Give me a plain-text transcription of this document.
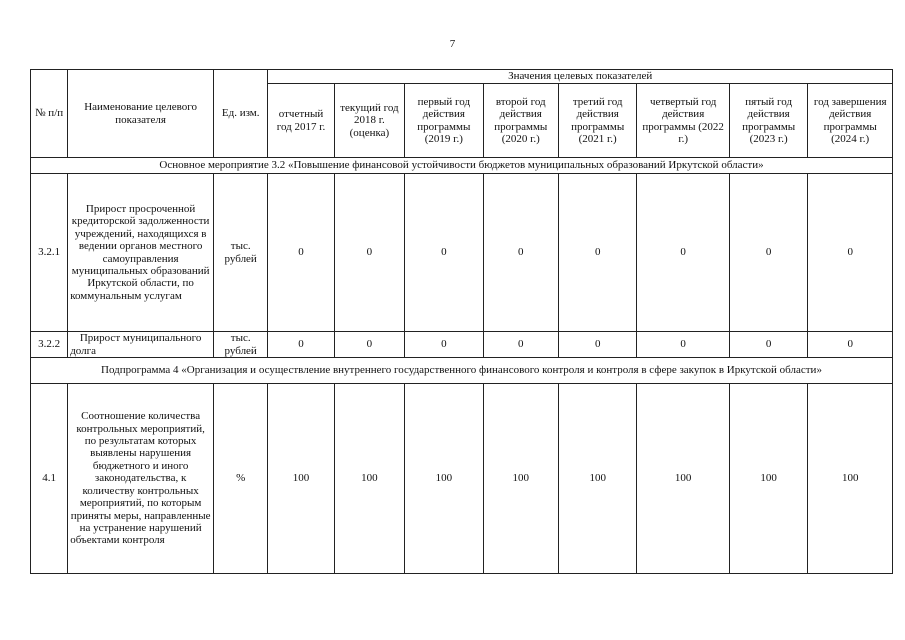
7
№ п/п	Наименование целевого показателя	Ед. изм.	Значения целевых показателей							
			отчетный год 2017 г.	текущий год 2018 г. (оценка)	первый год действия программы (2019 г.)	второй год действия программы (2020 г.)	третий год действия программы (2021 г.)	четвертый год действия программы (2022 г.)	пятый год действия программы (2023 г.)	год завершения действия программы (2024 г.)
Основное мероприятие 3.2 «Повышение финансовой устойчивости бюджетов муниципальных образований Иркутской области»										
3.2.1	Прирост просроченной кредиторской задолженности учреждений, находящихся в ведении органов местного самоуправления муниципальных образований Иркутской области, по коммунальным услугам	тыс. рублей	0	0	0	0	0	0	0	0
3.2.2	Прирост муниципального долга	тыс. рублей	0	0	0	0	0	0	0	0
Подпрограмма 4 «Организация и осуществление внутреннего государственного финансового контроля и контроля в сфере закупок в Иркутской области»										
4.1	Соотношение количества контрольных мероприятий, по результатам которых выявлены нарушения бюджетного и иного законодательства, к количеству контрольных мероприятий, по которым приняты меры, направленные на устранение нарушений объектами контроля	%	100	100	100	100	100	100	100	100
